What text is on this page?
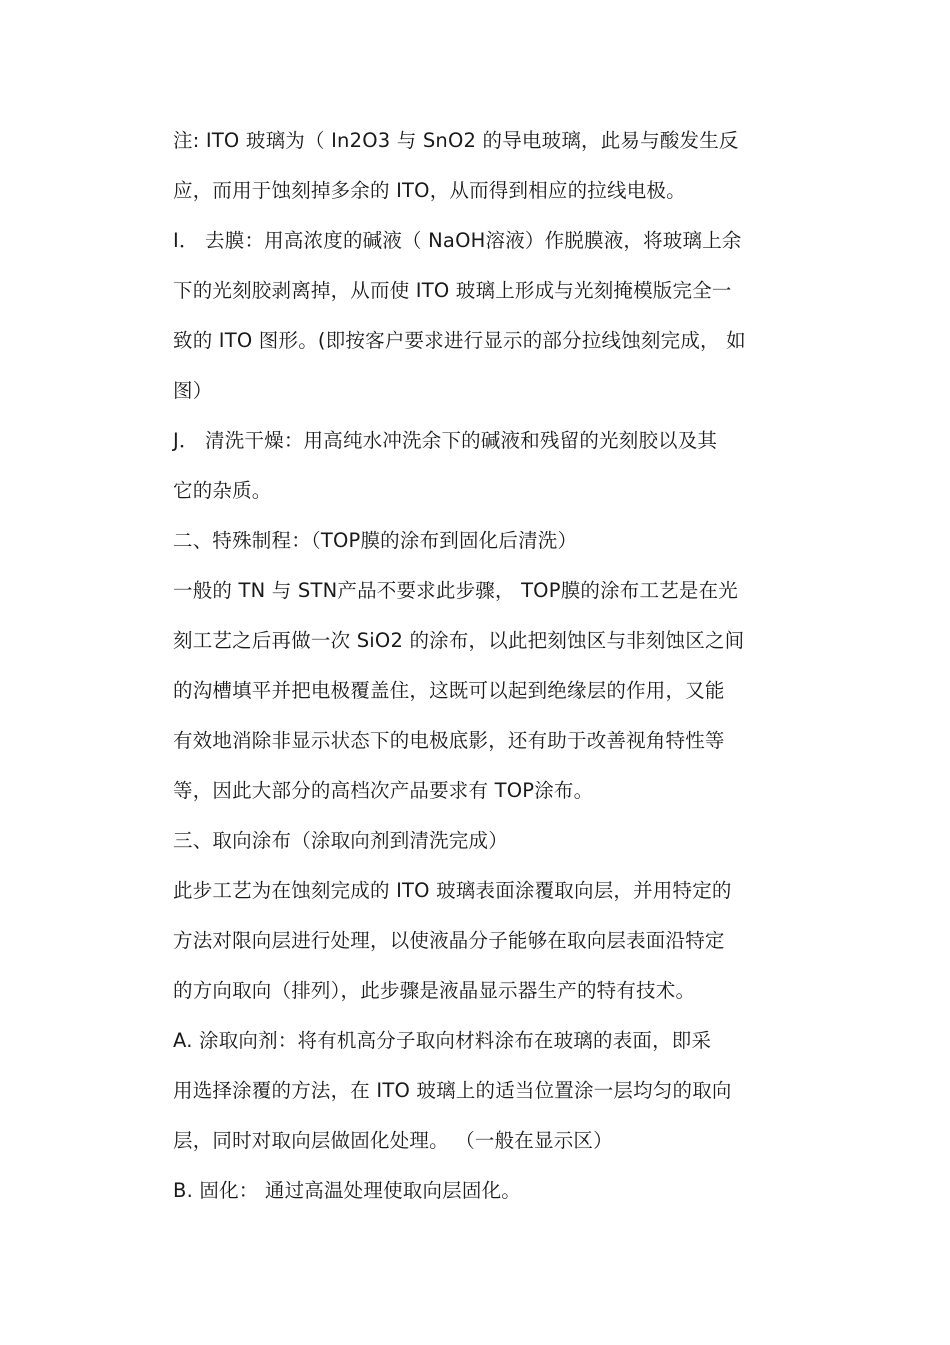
注: ITO 玻璃为（ In2O3 与 SnO2 的导电玻璃，此易与酸发生反
应，而用于蚀刻掉多余的 ITO，从而得到相应的拉线电极。
I． 去膜：用高浓度的碱液（ NaOH溶液）作脱膜液，将玻璃上余
下的光刻胶剥离掉，从而使 ITO 玻璃上形成与光刻掩模版完全一
致的 ITO 图形。(即按客户要求进行显示的部分拉线蚀刻完成， 如
图）
J． 清洗干燥：用高纯水冲洗余下的碱液和残留的光刻胶以及其
它的杂质。
二、特殊制程：（TOP膜的涂布到固化后清洗）
一般的 TN 与 STN产品不要求此步骤， TOP膜的涂布工艺是在光
刻工艺之后再做一次 SiO2 的涂布，以此把刻蚀区与非刻蚀区之间
的沟槽填平并把电极覆盖住，这既可以起到绝缘层的作用，又能
有效地消除非显示状态下的电极底影，还有助于改善视角特性等
等，因此大部分的高档次产品要求有 TOP涂布。
三、取向涂布（涂取向剂到清洗完成）
此步工艺为在蚀刻完成的 ITO 玻璃表面涂覆取向层，并用特定的
方法对限向层进行处理，以使液晶分子能够在取向层表面沿特定
的方向取向（排列），此步骤是液晶显示器生产的特有技术。
A. 涂取向剂：将有机高分子取向材料涂布在玻璃的表面，即采
用选择涂覆的方法，在 ITO 玻璃上的适当位置涂一层均匀的取向
层，同时对取向层做固化处理。 （一般在显示区）
B. 固化： 通过高温处理使取向层固化。
